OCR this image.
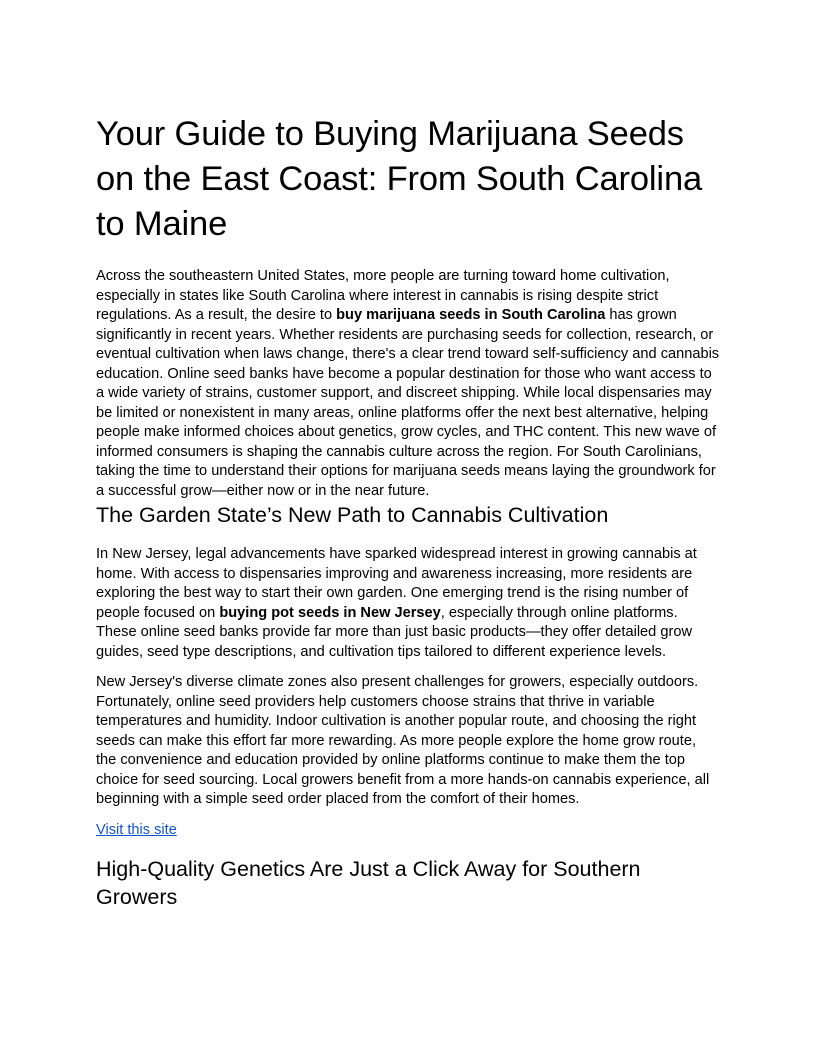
Your Guide to Buying Marijuana Seeds on the East Coast: From South Carolina to Maine

Across the southeastern United States, more people are turning toward home cultivation, especially in states like South Carolina where interest in cannabis is rising despite strict regulations. As a result, the desire to buy marijuana seeds in South Carolina has grown significantly in recent years. Whether residents are purchasing seeds for collection, research, or eventual cultivation when laws change, there's a clear trend toward self-sufficiency and cannabis education. Online seed banks have become a popular destination for those who want access to a wide variety of strains, customer support, and discreet shipping. While local dispensaries may be limited or nonexistent in many areas, online platforms offer the next best alternative, helping people make informed choices about genetics, grow cycles, and THC content. This new wave of informed consumers is shaping the cannabis culture across the region. For South Carolinians, taking the time to understand their options for marijuana seeds means laying the groundwork for a successful grow—either now or in the near future.

The Garden State’s New Path to Cannabis Cultivation

In New Jersey, legal advancements have sparked widespread interest in growing cannabis at home. With access to dispensaries improving and awareness increasing, more residents are exploring the best way to start their own garden. One emerging trend is the rising number of people focused on buying pot seeds in New Jersey, especially through online platforms. These online seed banks provide far more than just basic products—they offer detailed grow guides, seed type descriptions, and cultivation tips tailored to different experience levels.

New Jersey's diverse climate zones also present challenges for growers, especially outdoors. Fortunately, online seed providers help customers choose strains that thrive in variable temperatures and humidity. Indoor cultivation is another popular route, and choosing the right seeds can make this effort far more rewarding. As more people explore the home grow route, the convenience and education provided by online platforms continue to make them the top choice for seed sourcing. Local growers benefit from a more hands-on cannabis experience, all beginning with a simple seed order placed from the comfort of their homes.

Visit this site

High-Quality Genetics Are Just a Click Away for Southern Growers
